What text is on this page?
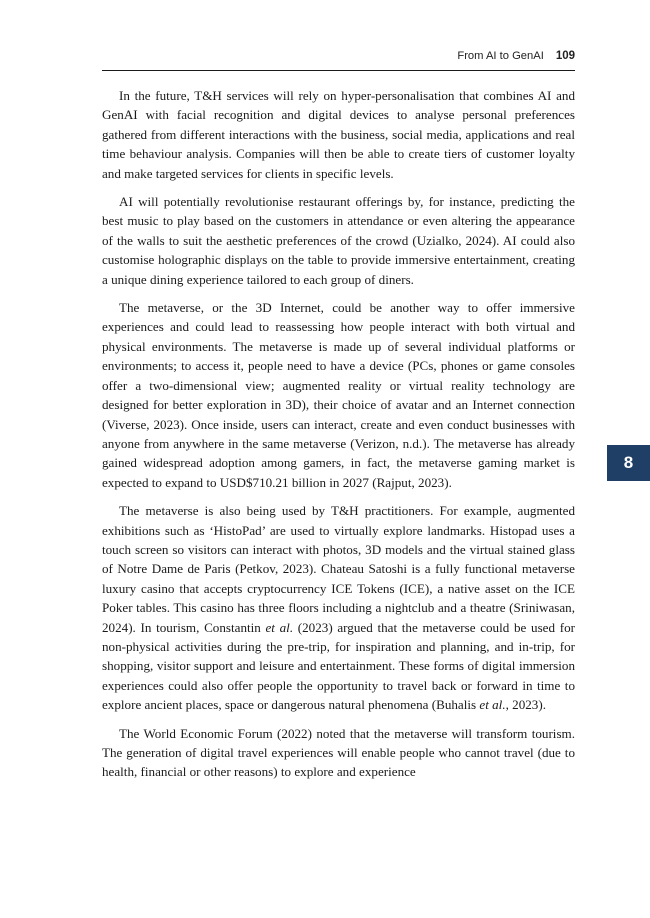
From AI to GenAI 109

In the future, T&H services will rely on hyper-personalisation that combines AI and GenAI with facial recognition and digital devices to analyse personal preferences gathered from different interactions with the business, social media, applications and real time behaviour analysis. Companies will then be able to create tiers of customer loyalty and make targeted services for clients in specific levels.

AI will potentially revolutionise restaurant offerings by, for instance, predicting the best music to play based on the customers in attendance or even altering the appearance of the walls to suit the aesthetic preferences of the crowd (Uzialko, 2024). AI could also customise holographic displays on the table to provide immersive entertainment, creating a unique dining experience tailored to each group of diners.

The metaverse, or the 3D Internet, could be another way to offer immersive experiences and could lead to reassessing how people interact with both virtual and physical environments. The metaverse is made up of several individual platforms or environments; to access it, people need to have a device (PCs, phones or game consoles offer a two-dimensional view; augmented reality or virtual reality technology are designed for better exploration in 3D), their choice of avatar and an Internet connection (Viverse, 2023). Once inside, users can interact, create and even conduct businesses with anyone from anywhere in the same metaverse (Verizon, n.d.). The metaverse has already gained widespread adoption among gamers, in fact, the metaverse gaming market is expected to expand to USD$710.21 billion in 2027 (Rajput, 2023).

The metaverse is also being used by T&H practitioners. For example, augmented exhibitions such as ‘HistoPad’ are used to virtually explore landmarks. Histopad uses a touch screen so visitors can interact with photos, 3D models and the virtual stained glass of Notre Dame de Paris (Petkov, 2023). Chateau Satoshi is a fully functional metaverse luxury casino that accepts cryptocurrency ICE Tokens (ICE), a native asset on the ICE Poker tables. This casino has three floors including a nightclub and a theatre (Sriniwasan, 2024). In tourism, Constantin et al. (2023) argued that the metaverse could be used for non-physical activities during the pre-trip, for inspiration and planning, and in-trip, for shopping, visitor support and leisure and entertainment. These forms of digital immersion experiences could also offer people the opportunity to travel back or forward in time to explore ancient places, space or dangerous natural phenomena (Buhalis et al., 2023).

The World Economic Forum (2022) noted that the metaverse will transform tourism. The generation of digital travel experiences will enable people who cannot travel (due to health, financial or other reasons) to explore and experience

8
